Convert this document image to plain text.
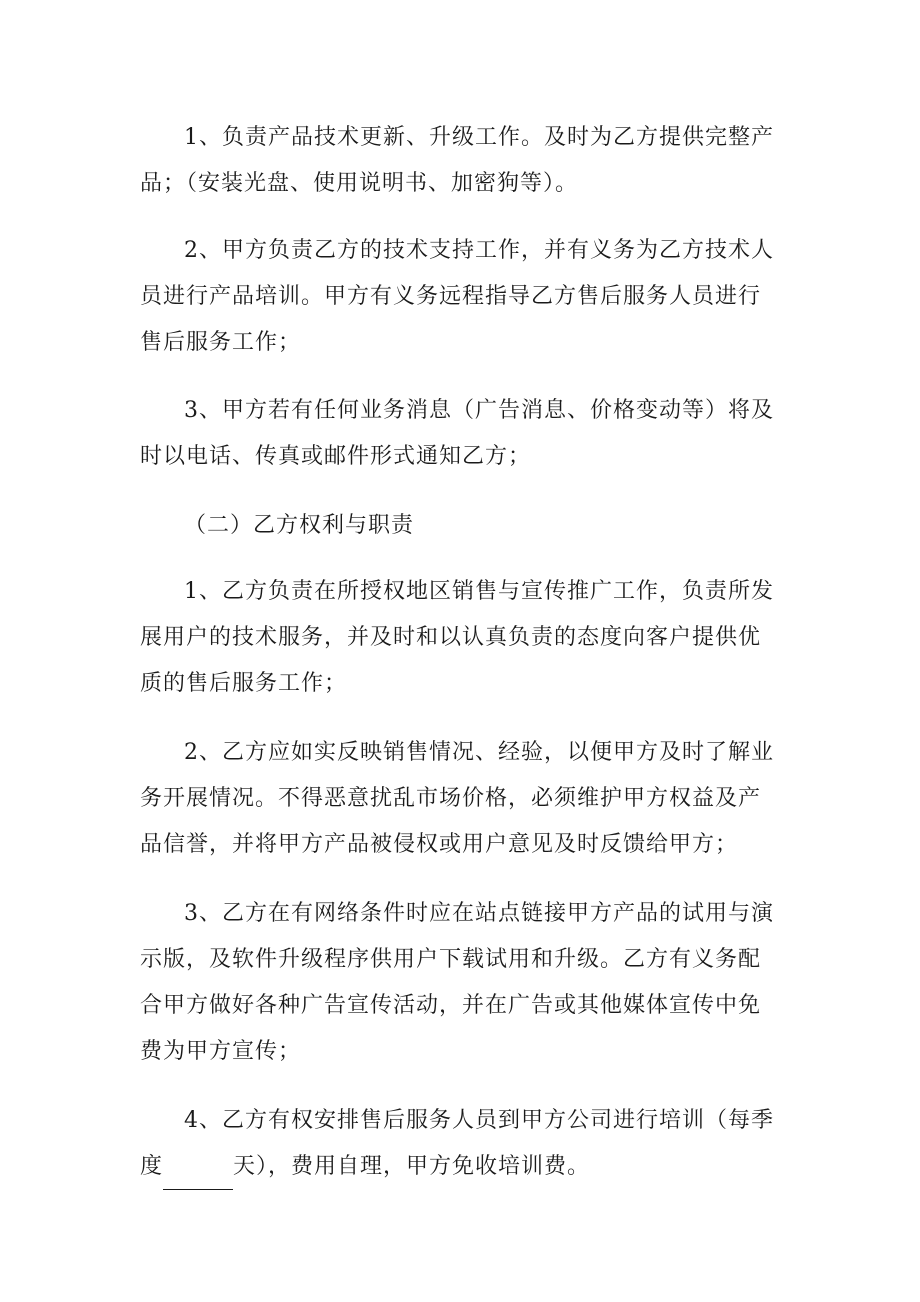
1、负责产品技术更新、升级工作。及时为乙方提供完整产
品；（安装光盘、使用说明书、加密狗等）。

2、甲方负责乙方的技术支持工作，并有义务为乙方技术人
员进行产品培训。甲方有义务远程指导乙方售后服务人员进行
售后服务工作；

3、甲方若有任何业务消息（广告消息、价格变动等）将及
时以电话、传真或邮件形式通知乙方；

（二）乙方权利与职责

1、乙方负责在所授权地区销售与宣传推广工作，负责所发
展用户的技术服务，并及时和以认真负责的态度向客户提供优
质的售后服务工作；

2、乙方应如实反映销售情况、经验，以便甲方及时了解业
务开展情况。不得恶意扰乱市场价格，必须维护甲方权益及产
品信誉，并将甲方产品被侵权或用户意见及时反馈给甲方；

3、乙方在有网络条件时应在站点链接甲方产品的试用与演
示版，及软件升级程序供用户下载试用和升级。乙方有义务配
合甲方做好各种广告宣传活动，并在广告或其他媒体宣传中免
费为甲方宣传；

4、乙方有权安排售后服务人员到甲方公司进行培训（每季
度	天），费用自理，甲方免收培训费。
